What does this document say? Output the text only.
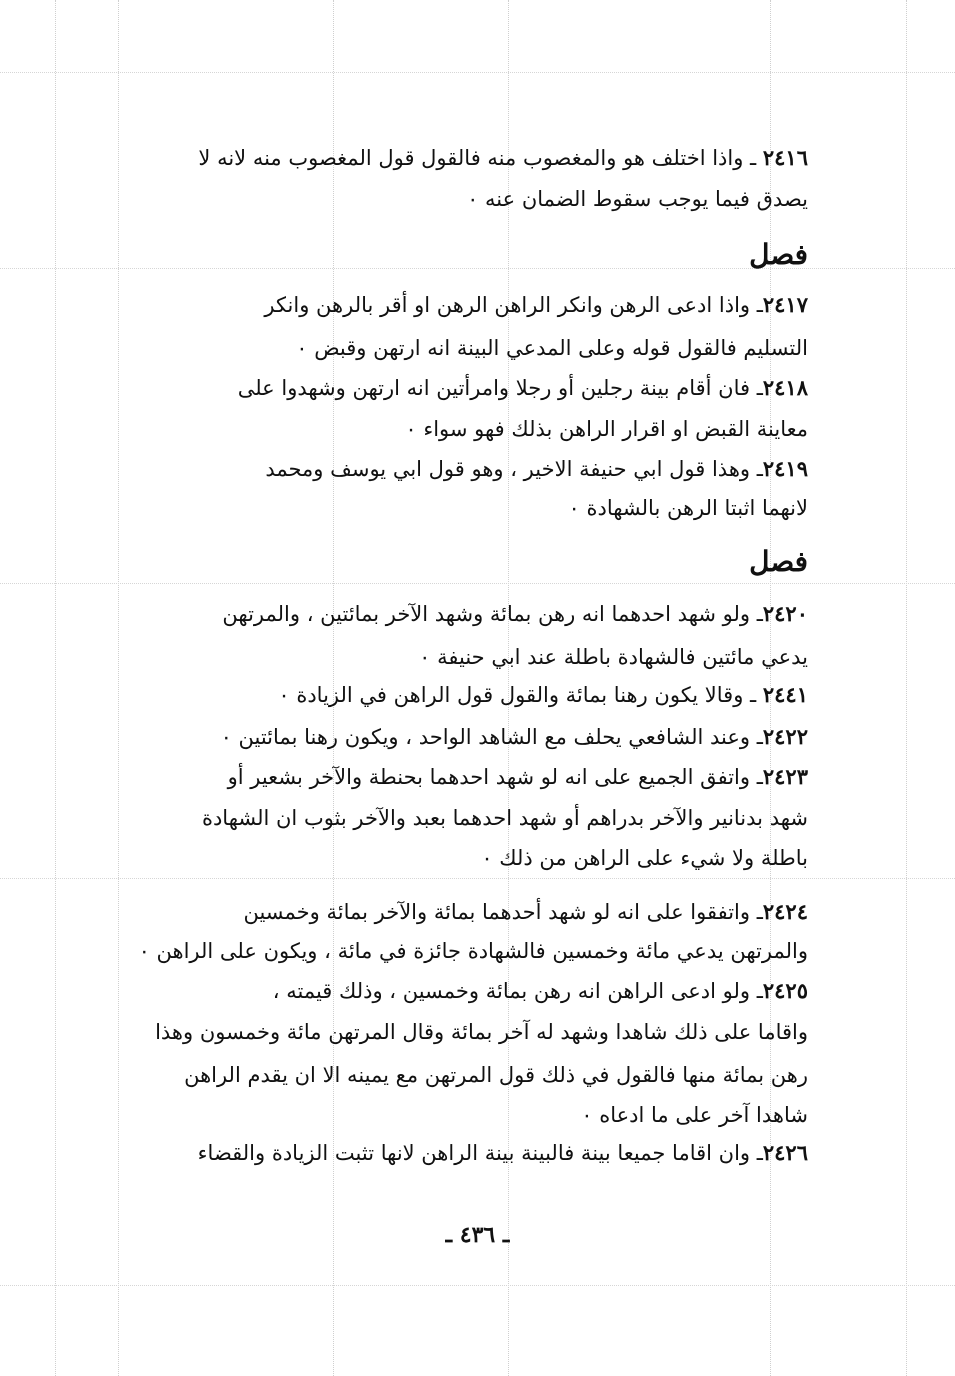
٢٤١٦ ـ واذا اختلف هو والمغصوب منه فالقول قول المغصوب منه لانه لا
يصدق فيما يوجب سقوط الضمان عنه ٠
فصل
٢٤١٧ـ واذا ادعى الرهن وانكر الراهن الرهن او أقر بالرهن وانكر
التسليم فالقول قوله وعلى المدعي البينة انه ارتهن وقبض ٠
٢٤١٨ـ فان أقام بينة رجلين أو رجلا وامرأتين انه ارتهن وشهدوا على
معاينة القبض او اقرار الراهن بذلك فهو سواء ٠
٢٤١٩ـ وهذا قول ابي حنيفة الاخير ، وهو قول ابي يوسف ومحمد
لانهما اثبتا الرهن بالشهادة ٠
فصل
٢٤٢٠ـ ولو شهد احدهما انه رهن بمائة وشهد الآخر بمائتين ، والمرتهن
يدعي مائتين فالشهادة باطلة عند ابي حنيفة ٠
٢٤٤١ ـ وقالا يكون رهنا بمائة والقول قول الراهن في الزيادة ٠
٢٤٢٢ـ وعند الشافعي يحلف مع الشاهد الواحد ، ويكون رهنا بمائتين ٠
٢٤٢٣ـ واتفق الجميع على انه لو شهد احدهما بحنطة والآخر بشعير أو
شهد بدنانير والآخر بدراهم أو شهد احدهما بعبد والآخر بثوب ان الشهادة
باطلة ولا شيء على الراهن من ذلك ٠
٢٤٢٤ـ واتفقوا على انه لو شهد أحدهما بمائة والآخر بمائة وخمسين
والمرتهن يدعي مائة وخمسين فالشهادة جائزة في مائة ، ويكون على الراهن ٠
٢٤٢٥ـ ولو ادعى الراهن انه رهن بمائة وخمسين ، وذلك قيمته ،
واقاما على ذلك شاهدا وشهد له آخر بمائة وقال المرتهن مائة وخمسون وهذا
رهن بمائة منها فالقول في ذلك قول المرتهن مع يمينه الا ان يقدم الراهن
شاهدا آخر على ما ادعاه ٠
٢٤٢٦ـ وان اقاما جميعا بينة فالبينة بينة الراهن لانها تثبت الزيادة والقضاء
ـ ٤٣٦ ـ
